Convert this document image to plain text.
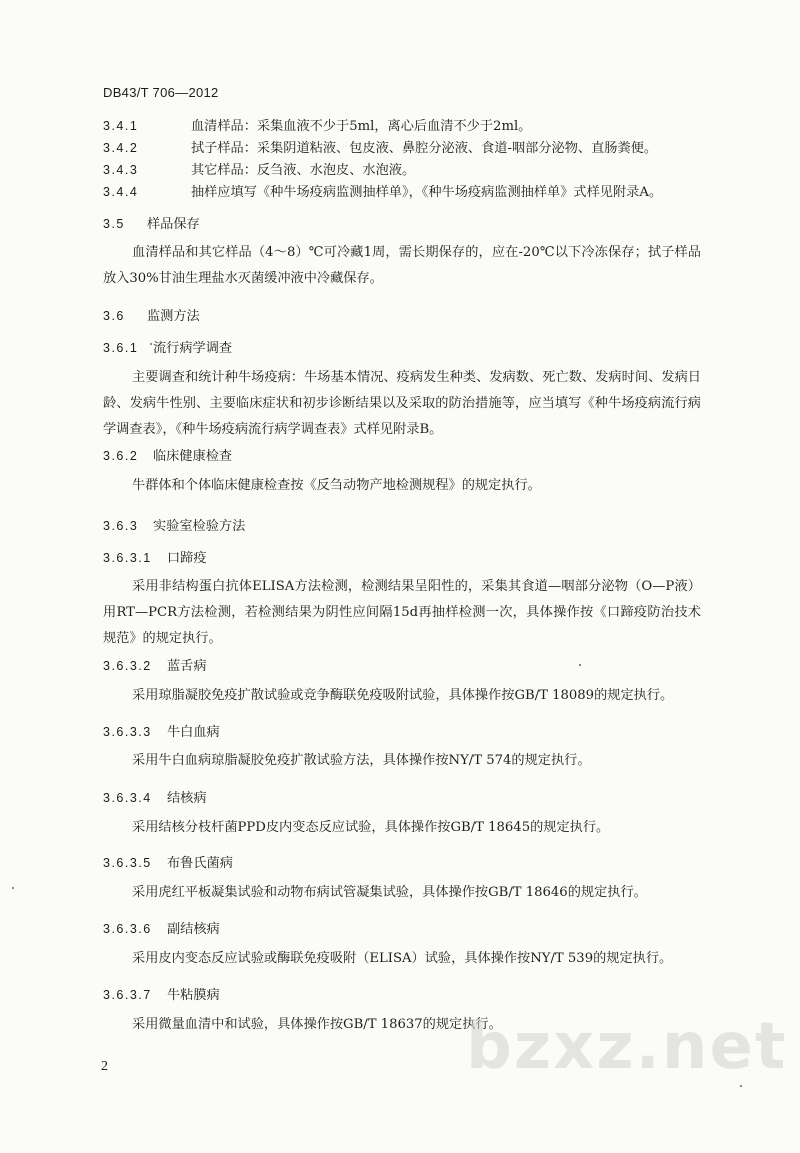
DB43/T 706—2012
3.4.1	血清样品：采集血液不少于5ml，离心后血清不少于2ml。
3.4.2	拭子样品：采集阴道粘液、包皮液、鼻腔分泌液、食道-咽部分泌物、直肠粪便。
3.4.3	其它样品：反刍液、水泡皮、水泡液。
3.4.4	抽样应填写《种牛场疫病监测抽样单》，《种牛场疫病监测抽样单》式样见附录A。
3.5 样品保存
血清样品和其它样品（4～8）℃可冷藏1周，需长期保存的，应在-20℃以下冷冻保存；拭子样品放入30%甘油生理盐水灭菌缓冲液中冷藏保存。
3.6 监测方法
3.6.1 流行病学调查
主要调查和统计种牛场疫病：牛场基本情况、疫病发生种类、发病数、死亡数、发病时间、发病日龄、发病牛性别、主要临床症状和初步诊断结果以及采取的防治措施等，应当填写《种牛场疫病流行病学调查表》，《种牛场疫病流行病学调查表》式样见附录B。
3.6.2 临床健康检查
牛群体和个体临床健康检查按《反刍动物产地检测规程》的规定执行。
3.6.3 实验室检验方法
3.6.3.1 口蹄疫
采用非结构蛋白抗体ELISA方法检测，检测结果呈阳性的，采集其食道—咽部分泌物（O—P液）用RT—PCR方法检测，若检测结果为阴性应间隔15d再抽样检测一次，具体操作按《口蹄疫防治技术规范》的规定执行。
3.6.3.2 蓝舌病
采用琼脂凝胶免疫扩散试验或竞争酶联免疫吸附试验，具体操作按GB/T 18089的规定执行。
3.6.3.3 牛白血病
采用牛白血病琼脂凝胶免疫扩散试验方法，具体操作按NY/T 574的规定执行。
3.6.3.4 结核病
采用结核分枝杆菌PPD皮内变态反应试验，具体操作按GB/T 18645的规定执行。
3.6.3.5 布鲁氏菌病
采用虎红平板凝集试验和动物布病试管凝集试验，具体操作按GB/T 18646的规定执行。
3.6.3.6 副结核病
采用皮内变态反应试验或酶联免疫吸附（ELISA）试验，具体操作按NY/T 539的规定执行。
3.6.3.7 牛粘膜病
采用微量血清中和试验，具体操作按GB/T 18637的规定执行。
2	bzxz.net
